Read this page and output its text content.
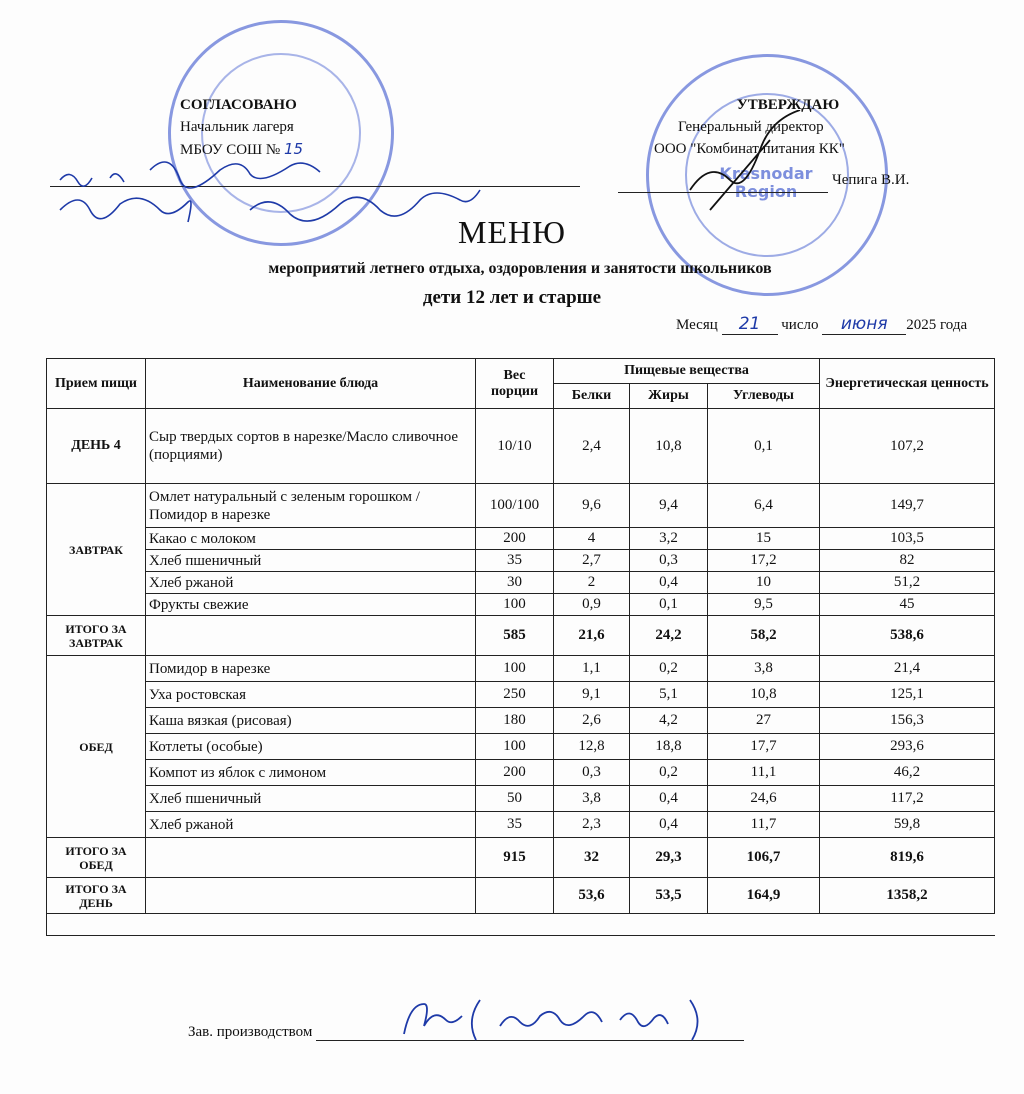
Krasnodar Region
СОГЛАСОВАНО
Начальник лагеря
МБОУ СОШ № 15
УТВЕРЖДАЮ
Генеральный директор
ООО "Комбинат питания КК"
Чепига В.И.
МЕНЮ
мероприятий летнего отдыха, оздоровления и занятости школьников
дети 12 лет и старше
Месяц 21 число июня 2025 года
Прием пищи	Наименование блюда	Вес порции	Пищевые вещества			Энергетическая ценность
			Белки	Жиры	Углеводы	
ДЕНЬ 4	Сыр твердых сортов в нарезке/Масло сливочное (порциями)	10/10	2,4	10,8	0,1	107,2
ЗАВТРАК	Омлет натуральный с зеленым горошком /Помидор в нарезке	100/100	9,6	9,4	6,4	149,7
	Какао с молоком	200	4	3,2	15	103,5
	Хлеб пшеничный	35	2,7	0,3	17,2	82
	Хлеб ржаной	30	2	0,4	10	51,2
	Фрукты свежие	100	0,9	0,1	9,5	45
ИТОГО ЗА ЗАВТРАК		585	21,6	24,2	58,2	538,6
ОБЕД	Помидор в нарезке	100	1,1	0,2	3,8	21,4
	Уха ростовская	250	9,1	5,1	10,8	125,1
	Каша вязкая (рисовая)	180	2,6	4,2	27	156,3
	Котлеты (особые)	100	12,8	18,8	17,7	293,6
	Компот из яблок с лимоном	200	0,3	0,2	11,1	46,2
	Хлеб пшеничный	50	3,8	0,4	24,6	117,2
	Хлеб ржаной	35	2,3	0,4	11,7	59,8
ИТОГО ЗА ОБЕД		915	32	29,3	106,7	819,6
ИТОГО ЗА ДЕНЬ			53,6	53,5	164,9	1358,2

Зав. производством
